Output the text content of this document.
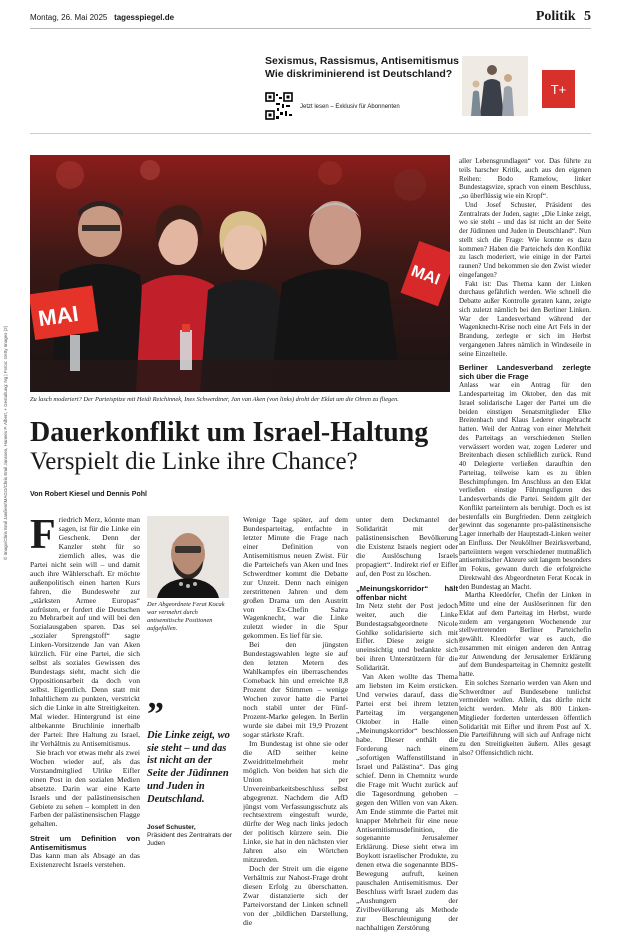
Montag, 26. Mai 2025 tagesspiegel.de	Politik 5
Sexismus, Rassismus, Antisemitismus
Wie diskriminierend ist Deutschland?
Jetzt lesen – Exklusiv für Abonnenten
T+
MAI
MAI
Zu lasch moderiert? Der Parteispitze mit Heidi Reichinnek, Ines Schwerdtner, Jan van Aken (von links) droht der Eklat um die Ohren zu fliegen.
Dauerkonflikt um Israel-Haltung
Verspielt die Linke ihre Chance?
Von Robert Kiesel und Dennis Pohl

Friedrich Merz, könnte man sagen, ist für die Linke ein Geschenk. Denn der Kanzler steht für so ziemlich alles, was die Partei nicht sein will – und damit auch ihre Wählerschaft. Er möchte außenpolitisch einen harten Kurs fahren, die Bundeswehr zur „stärksten Armee Europas“ aufrüsten, er fordert die Deutschen zu Mehrarbeit auf und will bei den Sozialausgaben sparen. Das sei „sozialer Sprengstoff“ sagte Linken-Vorsitzende Jan van Aken kürzlich. Für eine Partei, die sich selbst als soziales Gewissen des Bundestags sieht, macht sich die Oppositionsarbeit da doch von selbst. Eigentlich. Denn statt mit Inhaltlichem zu punkten, verstrickt sich die Linke in alte Streitigkeiten. Mal wieder. Hintergrund ist eine altbekannte Bruchlinie innerhalb der Partei: Ihre Haltung zu Israel, ihr Verhältnis zu Antisemitismus.

Sie brach vor etwas mehr als zwei Wochen wieder auf, als das Vorstandmitglied Ulrike Eifler einen Post in den sozialen Medien absetzte. Darin war eine Karte Israels und der palästinensischen Gebiete zu sehen – komplett in den Farben der palästinensischen Flagge gehalten.

Streit um Definition von Antisemitismus

Das kann man als Absage an das Existenzrecht Israels verstehen.

Der Abgeordnete Ferat Kocak war vermehrt durch antisemitische Positionen aufgefallen.
”
Die Linke zeigt, wo sie steht – und das ist nicht an der Seite der Jüdinnen und Juden in Deutschland.
Josef Schuster,
Präsident des Zentralrats der Juden

Wenige Tage später, auf dem Bundesparteitag, entfachte in letzter Minute die Frage nach einer Definition von Antisemitismus neuen Zwist. Für die Parteichefs van Aken und Ines Schwerdtner kommt die Debatte zur Unzeit. Denn nach einigen zerstrittenen Jahren und dem großen Drama um den Austritt von Ex-Chefin Sahra Wagenknecht, war die Linke zuletzt wieder in die Spur gekommen. Es lief für sie.

Bei den jüngsten Bundestagswahlen legte sie auf den letzten Metern des Wahlkampfes ein überraschendes Comeback hin und erreichte 8,8 Prozent der Stimmen – wenige Wochen zuvor hatte die Partei noch stabil unter der Fünf-Prozent-Marke gelegen. In Berlin wurde sie dabei mit 19,9 Prozent sogar stärkste Kraft.

Im Bundestag ist ohne sie oder die AfD seither keine Zweidrittelmehrheit mehr möglich. Von beiden hat sich die Union per Unvereinbarkeitsbeschluss selbst abgegrenzt. Nachdem die AfD jüngst vom Verfassungsschutz als rechtsextrem eingestuft wurde, dürfte der Weg nach links jedoch der politisch kürzere sein. Die Linke, sie hat in den nächsten vier Jahren also ein Wörtchen mitzureden.

Doch der Streit um die eigene Verhältnis zur Nahost-Frage droht diesen Erfolg zu überschatten. Zwar distanzierte sich der Parteivorstand der Linken schnell von der „bildlichen Darstellung, die

unter dem Deckmantel der Solidarität mit der palästinensischen Bevölkerung die Existenz Israels negiert oder die Auslöschung Israels propagiert“. Indirekt rief er Eifler auf, den Post zu löschen.

„Meinungskorridor“ hält offenbar nicht

Im Netz steht der Post jedoch weiter, auch die Linke Bundestagsabgeordnete Nicole Gohlke solidarisierte sich mit Eifler. Diese zeigte sich uneinsichtig und bedankte sich bei ihren Unterstützern für die Solidarität.

Van Aken wollte das Thema am liebsten im Keim ersticken. Und verwies darauf, dass die Partei erst bei ihrem letzten Parteitag im vergangenen Oktober in Halle einen „Meinungskorridor“ beschlossen habe. Dieser enthält die Forderung nach einem „sofortigen Waffenstillstand in Israel und Palästina“. Das ging schief. Denn in Chemnitz wurde die Frage mit Wucht zurück auf die Tagesordnung gehoben – gegen den Willen von van Aken. Am Ende stimmte die Partei mit knapper Mehrheit für eine neue Antisemitismusdefinition, die sogenannte Jerusalemer Erklärung. Diese sieht etwa im Boykott israelischer Produkte, zu denen etwa die sogenannte BDS-Bewegung aufruft, keinen pauschalen Antisemitismus. Der Beschluss wirft Israel zudem das „Aushungern der Zivilbevölkerung als Methode zur Beschleunigung der nachhaltigen Zerstörung

aller Lebensgrundlagen“ vor. Das führte zu teils harscher Kritik, auch aus den eigenen Reihen: Bodo Ramelow, linker Bundestagsvize, sprach von einem Beschluss, „so überflüssig wie ein Kropf“.

Und Josef Schuster, Präsident des Zentralrats der Juden, sagte: „Die Linke zeigt, wo sie steht – und das ist nicht an der Seite der Jüdinnen und Juden in Deutschland“. Nun stellt sich die Frage: Wie konnte es dazu kommen? Haben die Parteichefs den Konflikt zu lasch moderiert, wie einige in der Partei raunen? Und bekommen sie den Zwist wieder eingefangen?

Fakt ist: Das Thema kann der Linken durchaus gefährlich werden. Wie schnell die Debatte außer Kontrolle geraten kann, zeigte sich zuletzt nämlich bei den Berliner Linken. War der Landesverband während der Wagenknecht-Krise noch eine Art Fels in der Brandung, zerlegte er sich im Herbst vergangenen Jahres nämlich in Windeseile in seine Einzelteile.

Berliner Landesverband zerlegte sich über die Frage

Anlass war ein Antrag für den Landesparteitag im Oktober, den das mit Israel solidarische Lager der Partei um die beiden einstigen Senatsmitglieder Elke Breitenbach und Klaus Lederer eingebracht hatten. Weil der Antrag von einer Mehrheit des Parteitags an verschiedenen Stellen verwässert worden war, zogen Lederer und Breitenbach diesen schließlich zurück. Rund 40 Delegierte verließen daraufhin den Parteitag, teilweise kam es zu üblen Beschimpfungen. Im Anschluss an den Eklat verließen einstige Führungsfiguren des Landesverbands die Partei. Seitdem gilt der Konflikt parteiintern als beruhigt. Doch es ist bestenfalls ein Burgfrieden. Denn zeitgleich gewinnt das sogenannte pro-palästinensische Lager innerhalb der Hauptstadt-Linken weiter an Einfluss. Der Neuköllner Bezirksverband, parteiintern wegen verschiedener mutmaßlich antisemitischer Akteure seit langem besonders im Fokus, gewann durch die erfolgreiche Direktwahl des Abgeordneten Ferat Kocak in den Bundestag an Macht.

Martha Kleedörfer, Chefin der Linken in Mitte und eine der Auslöserinnen für den Eklat auf dem Parteitag im Herbst, wurde zudem am vergangenen Wochenende zur stellvertretenden Berliner Parteichefin gewählt. Kleedörfer war es auch, die zusammen mit einigen anderen den Antrag zur Anwendung der Jerusalemer Erklärung auf dem Bundesparteitag in Chemnitz gestellt hatte.

Ein solches Szenario werden van Aken und Schwerdtner auf Bundesebene tunlichst vermeiden wollen. Allein, das dürfte nicht leicht werden. Mehr als 800 Linken-Mitglieder forderten unterdessen öffentlich Solidarität mit Eifler und ihrem Post auf X. Die Parteiführung will sich auf Anfrage nicht zu den Streitigkeiten äußern. Alles gesagt also? Offensichtlich nicht.

© Imago/Chris Emil Janßen/IMAGO/Chris Emil Janssen, Hannes P. Albert, + Gestaltung: Ng | Fotos: Getty Images (2)
